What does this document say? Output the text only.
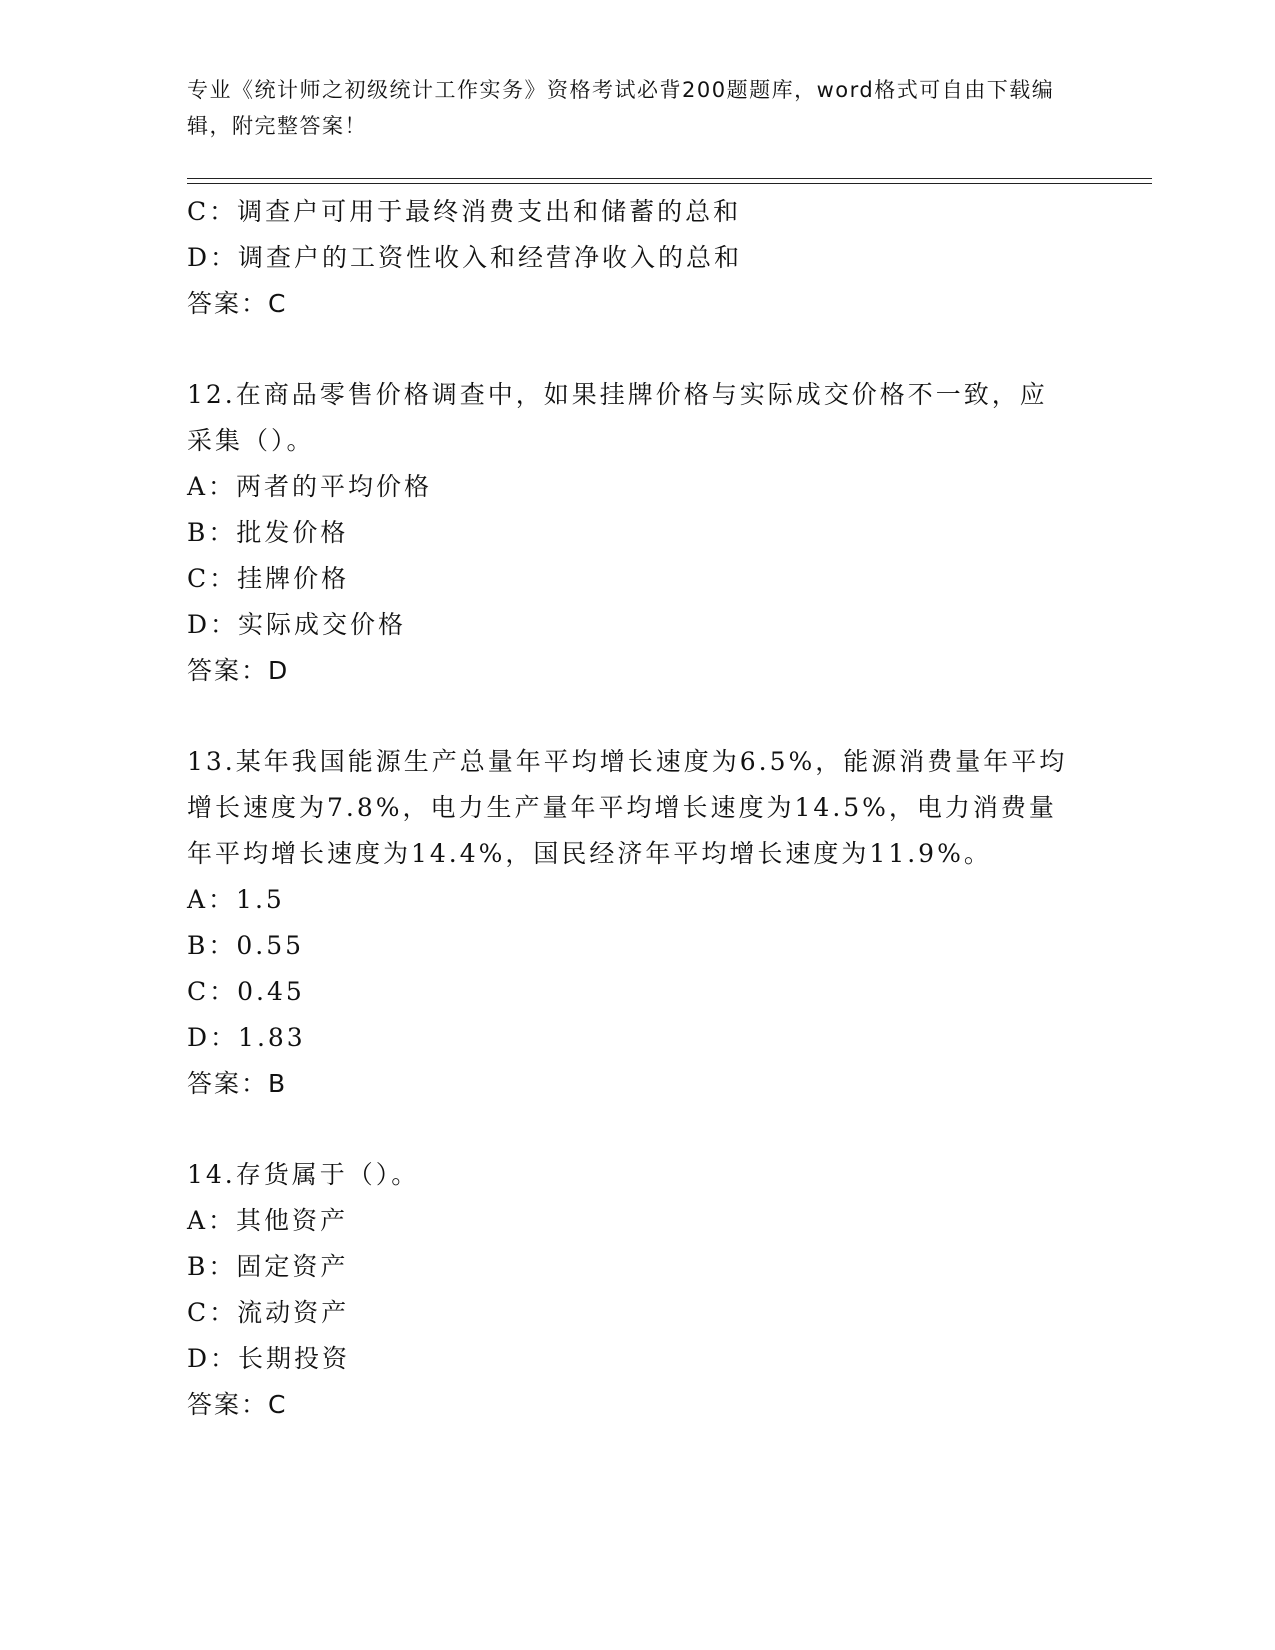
专业《统计师之初级统计工作实务》资格考试必背200题题库，word格式可自由下载编辑，附完整答案！
C：调查户可用于最终消费支出和储蓄的总和
D：调查户的工资性收入和经营净收入的总和
答案：C
12.在商品零售价格调查中，如果挂牌价格与实际成交价格不一致，应
采集（）。
A：两者的平均价格
B：批发价格
C：挂牌价格
D：实际成交价格
答案：D
13.某年我国能源生产总量年平均增长速度为6.5%，能源消费量年平均
增长速度为7.8%，电力生产量年平均增长速度为14.5%，电力消费量
年平均增长速度为14.4%，国民经济年平均增长速度为11.9%。
A：1.5
B：0.55
C：0.45
D：1.83
答案：B
14.存货属于（）。
A：其他资产
B：固定资产
C：流动资产
D：长期投资
答案：C
